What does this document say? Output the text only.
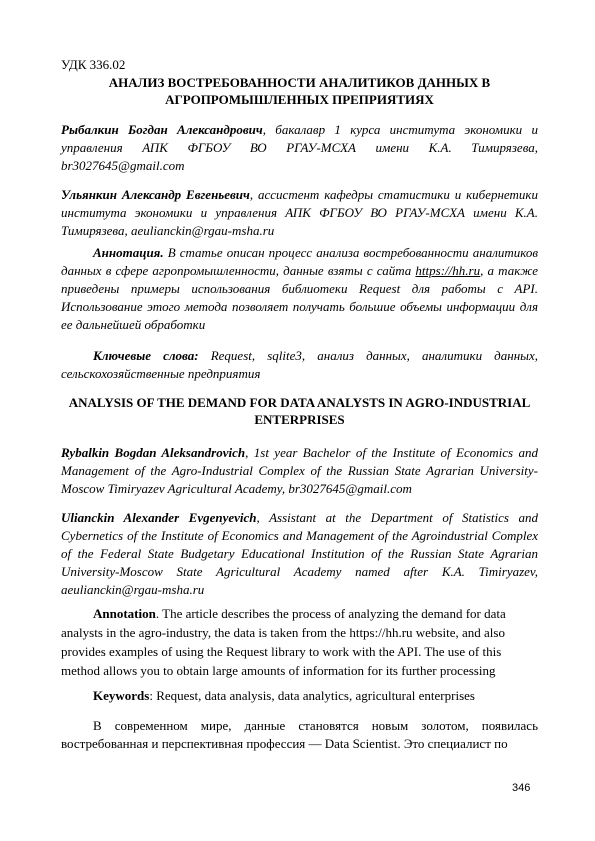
УДК 336.02
АНАЛИЗ ВОСТРЕБОВАННОСТИ АНАЛИТИКОВ ДАННЫХ В АГРОПРОМЫШЛЕННЫХ ПРЕПРИЯТИЯХ

Рыбалкин Богдан Александрович, бакалавр 1 курса института экономики и управления АПК ФГБОУ ВО РГАУ-МСХА имени К.А. Тимирязева, br3027645@gmail.com

Ульянкин Александр Евгеньевич, ассистент кафедры статистики и кибернетики института экономики и управления АПК ФГБОУ ВО РГАУ-МСХА имени К.А. Тимирязева, aeulianckin@rgau-msha.ru

Аннотация. В статье описан процесс анализа востребованности аналитиков данных в сфере агропромышленности, данные взяты с сайта https://hh.ru, а также приведены примеры использования библиотеки Request для работы с API. Использование этого метода позволяет получать большие объемы информации для ее дальнейшей обработки

Ключевые слова: Request, sqlite3, анализ данных, аналитики данных, сельскохозяйственные предприятия

ANALYSIS OF THE DEMAND FOR DATA ANALYSTS IN AGRO-INDUSTRIAL ENTERPRISES

Rybalkin Bogdan Aleksandrovich, 1st year Bachelor of the Institute of Economics and Management of the Agro-Industrial Complex of the Russian State Agrarian University-Moscow Timiryazev Agricultural Academy, br3027645@gmail.com

Ulianckin Alexander Evgenyevich, Assistant at the Department of Statistics and Cybernetics of the Institute of Economics and Management of the Agroindustrial Complex of the Federal State Budgetary Educational Institution of the Russian State Agrarian University-Moscow State Agricultural Academy named after K.A. Timiryazev, aeulianckin@rgau-msha.ru

Annotation. The article describes the process of analyzing the demand for data analysts in the agro-industry, the data is taken from the https://hh.ru website, and also provides examples of using the Request library to work with the API. The use of this method allows you to obtain large amounts of information for its further processing

Keywords: Request, data analysis, data analytics, agricultural enterprises

В современном мире, данные становятся новым золотом, появилась востребованная и перспективная профессия — Data Scientist. Это специалист по

346
